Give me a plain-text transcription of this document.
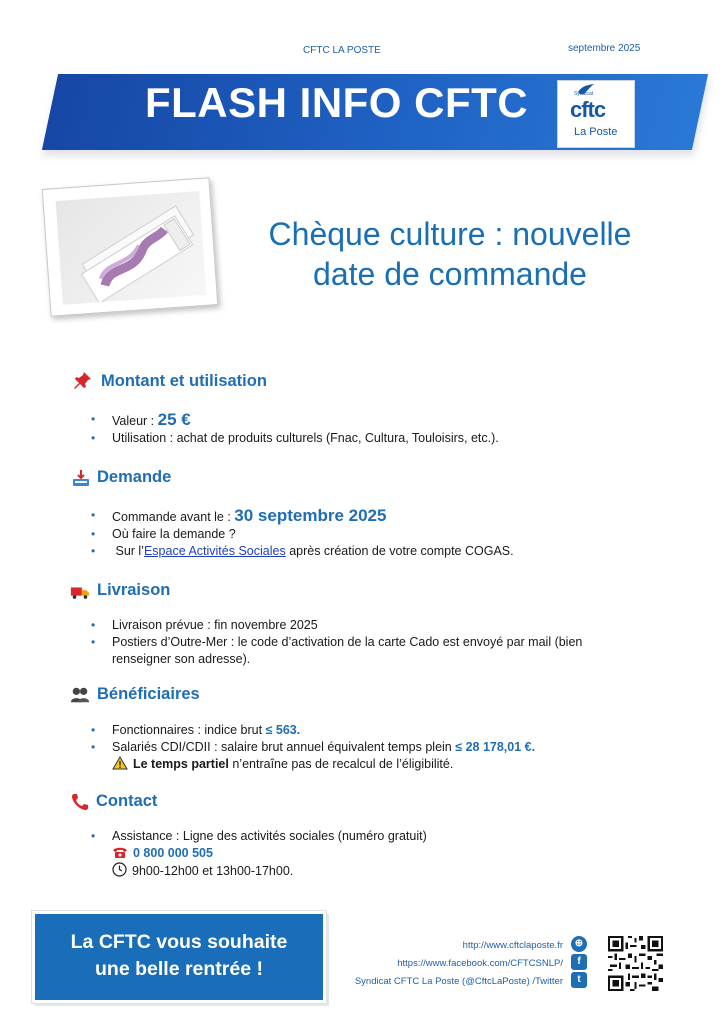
CFTC LA POSTE	septembre 2025
FLASH INFO CFTC	Syndicat
cftc
La Poste
Chèque culture : nouvelle
date de commande
Montant et utilisation
• Valeur : 25 €
• Utilisation : achat de produits culturels (Fnac, Cultura, Touloisirs, etc.).
Demande
• Commande avant le : 30 septembre 2025
• Où faire la demande ?
• Sur l’Espace Activités Sociales après création de votre compte COGAS.
Livraison
• Livraison prévue : fin novembre 2025
• Postiers d’Outre-Mer : le code d’activation de la carte Cado est envoyé par mail (bien renseigner son adresse).
Bénéficiaires
• Fonctionnaires : indice brut ≤ 563.
• Salariés CDI/CDII : salaire brut annuel équivalent temps plein ≤ 28 178,01 €.
Le temps partiel n’entraîne pas de recalcul de l’éligibilité.
Contact
• Assistance : Ligne des activités sociales (numéro gratuit)
0 800 000 505
9h00-12h00 et 13h00-17h00.
La CFTC vous souhaite
une belle rentrée !
http://www.cftclaposte.fr	⊕
https://www.facebook.com/CFTCSNLP/	f
Syndicat CFTC La Poste (@CftcLaPoste) /Twitter	t
